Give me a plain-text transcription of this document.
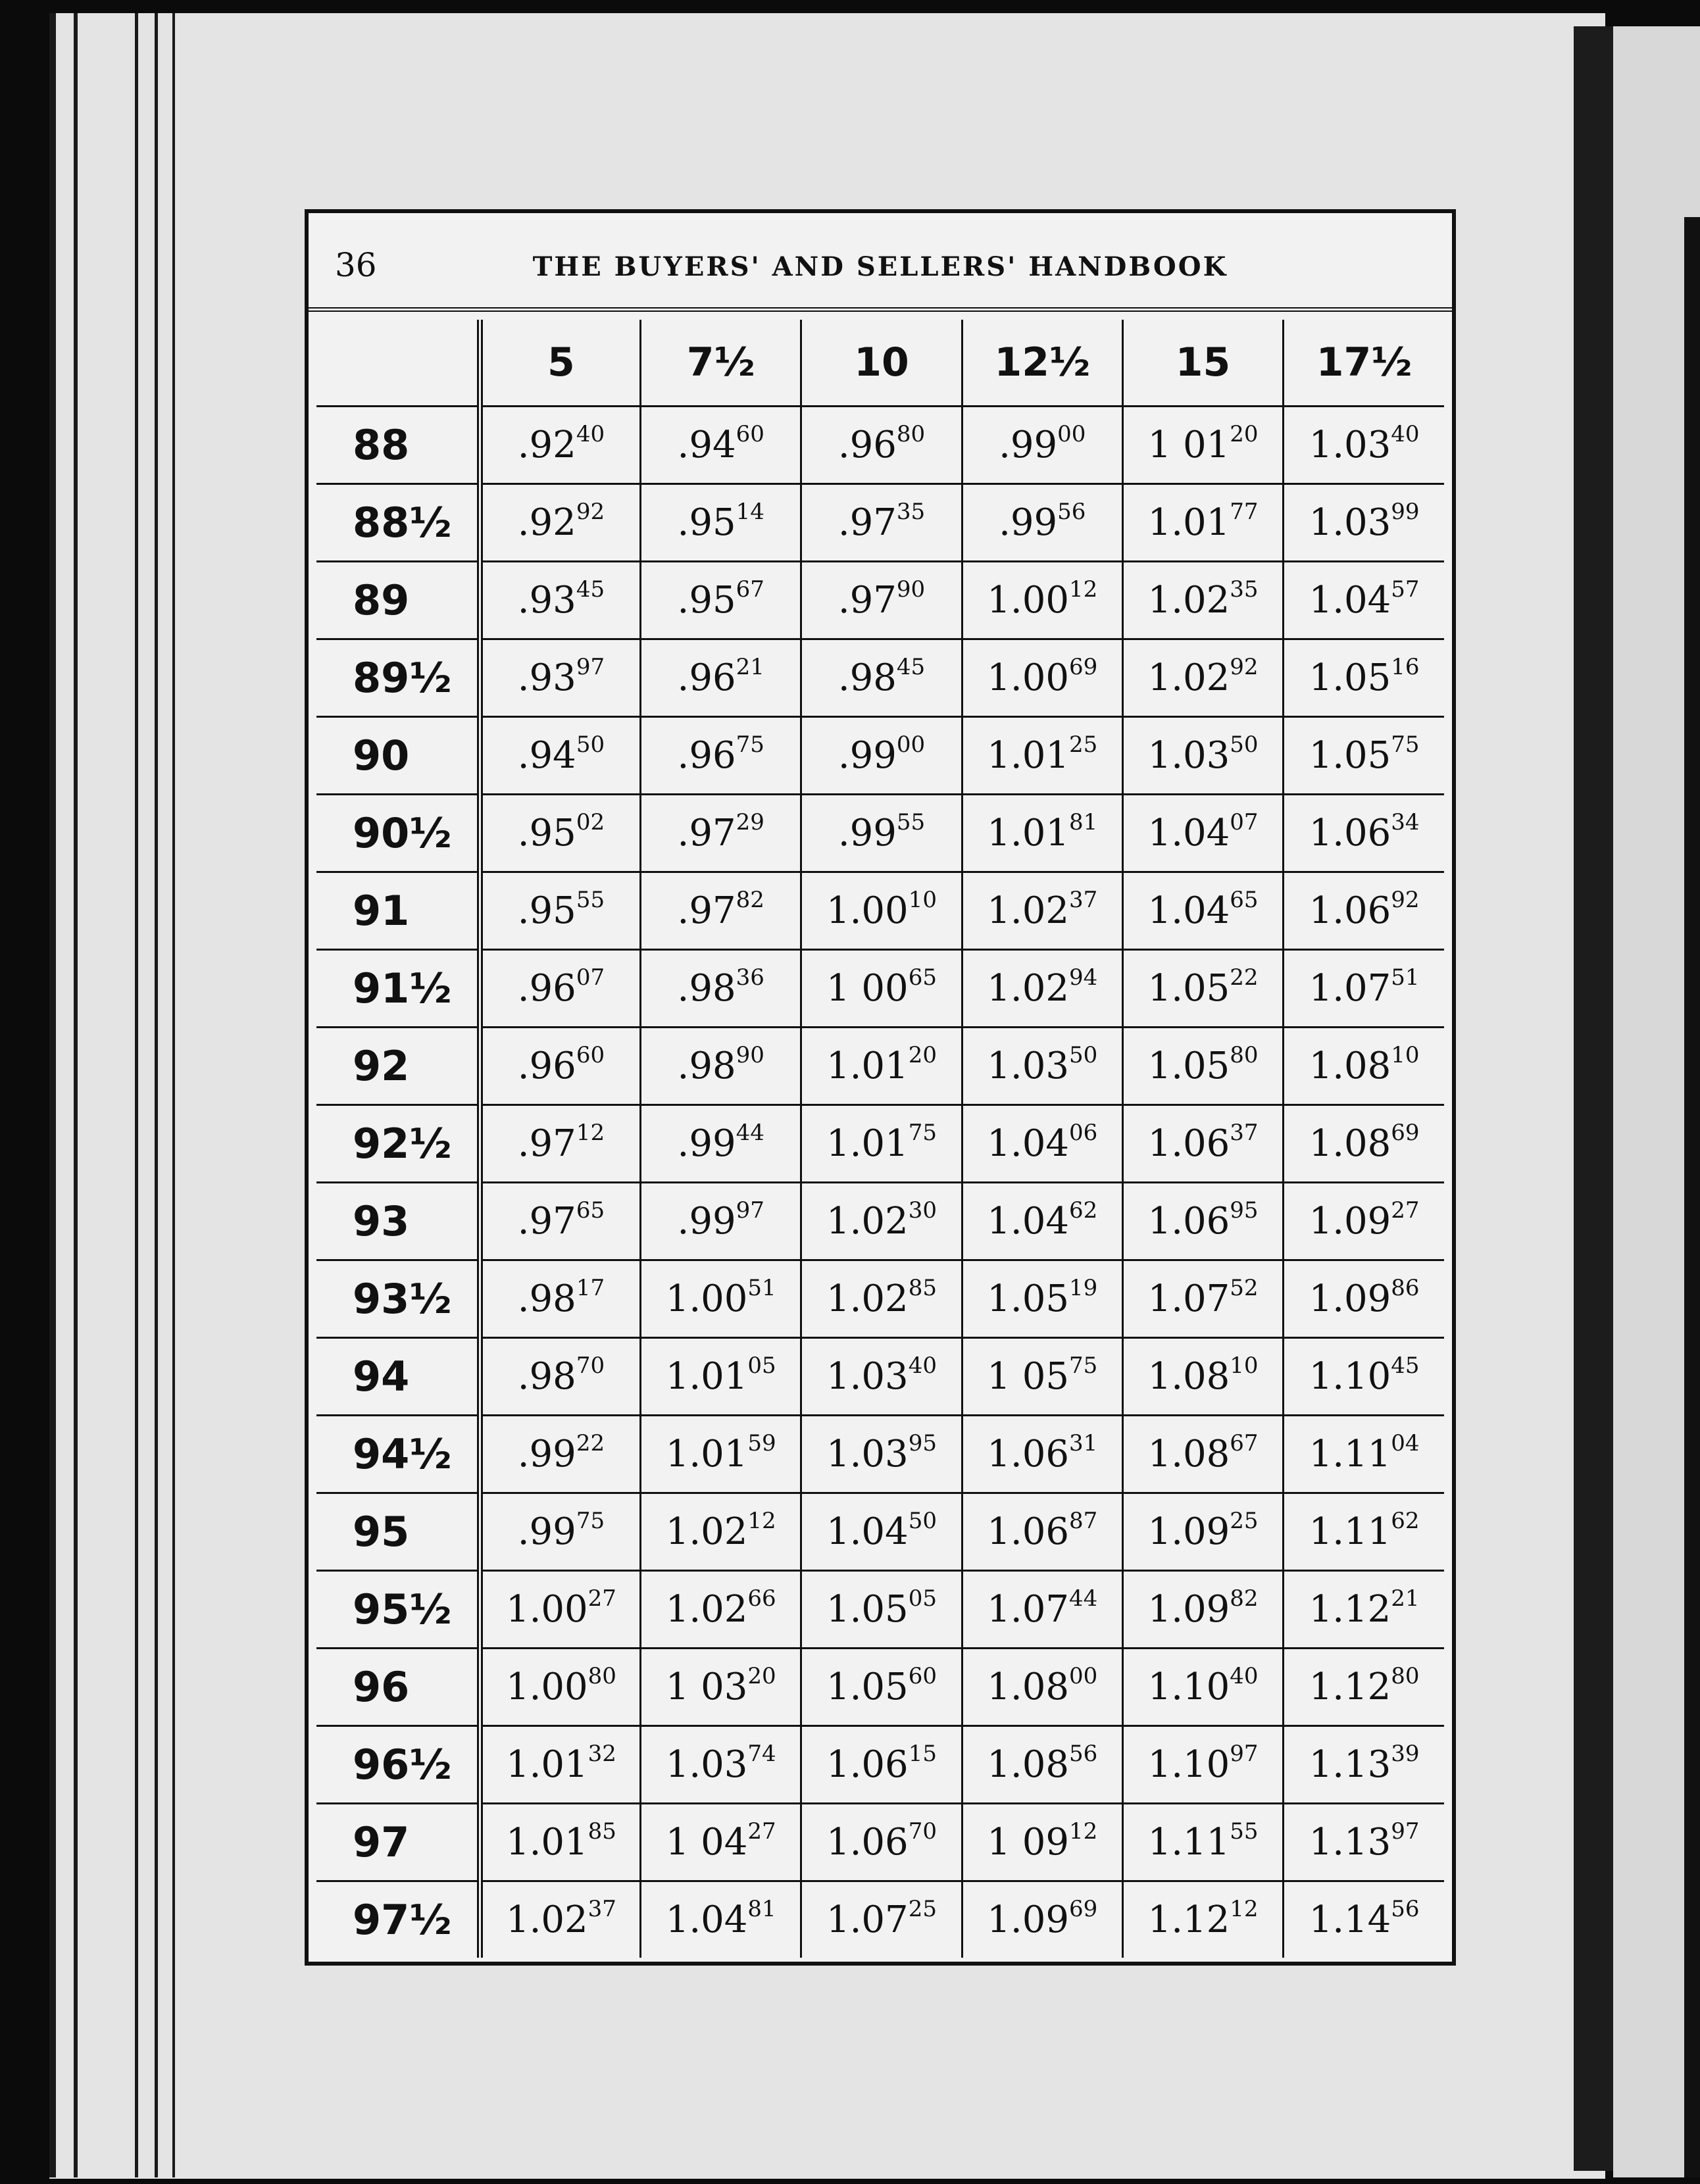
36	THE BUYERS' AND SELLERS' HANDBOOK
	5	7½	10	12½	15	17½
88	$.92^{40}$	$.94^{60}$	$.96^{80}$	$.99^{00}$	1 $01^{20}$	1.03$^{40}$
88½	$.92^{92}$	$.95^{14}$	$.97^{35}$	$.99^{56}$	1.01$^{77}$	1.03$^{99}$
89	$.93^{45}$	$.95^{67}$	$.97^{90}$	1.00$^{12}$	1.02$^{35}$	1.04$^{57}$
89½	$.93^{97}$	$.96^{21}$	$.98^{45}$	1.00$^{69}$	1.02$^{92}$	1.05$^{16}$
90	$.94^{50}$	$.96^{75}$	$.99^{00}$	1.01$^{25}$	1.03$^{50}$	1.05$^{75}$
90½	$.95^{02}$	$.97^{29}$	$.99^{55}$	1.01$^{81}$	1.04$^{07}$	1.06$^{34}$
91	$.95^{55}$	$.97^{82}$	1.00$^{10}$	1.02$^{37}$	1.04$^{65}$	1.06$^{92}$
91½	$.96^{07}$	$.98^{36}$	1 $00^{65}$	1.02$^{94}$	1.05$^{22}$	1.07$^{51}$
92	$.96^{60}$	$.98^{90}$	1.01$^{20}$	1.03$^{50}$	1.05$^{80}$	1.08$^{10}$
92½	$.97^{12}$	$.99^{44}$	1.01$^{75}$	1.04$^{06}$	1.06$^{37}$	1.08$^{69}$
93	$.97^{65}$	$.99^{97}$	1.02$^{30}$	1.04$^{62}$	1.06$^{95}$	1.09$^{27}$
93½	$.98^{17}$	1.00$^{51}$	1.02$^{85}$	1.05$^{19}$	1.07$^{52}$	1.09$^{86}$
94	$.98^{70}$	1.01$^{05}$	1.03$^{40}$	1 $05^{75}$	1.08$^{10}$	1.10$^{45}$
94½	$.99^{22}$	1.01$^{59}$	1.03$^{95}$	1.06$^{31}$	1.08$^{67}$	1.11$^{04}$
95	$.99^{75}$	1.02$^{12}$	1.04$^{50}$	1.06$^{87}$	1.09$^{25}$	1.11$^{62}$
95½	1.00$^{27}$	1.02$^{66}$	1.05$^{05}$	1.07$^{44}$	1.09$^{82}$	1.12$^{21}$
96	1.00$^{80}$	1 $03^{20}$	1.05$^{60}$	1.08$^{00}$	1.10$^{40}$	1.12$^{80}$
96½	1.01$^{32}$	1.03$^{74}$	1.06$^{15}$	1.08$^{56}$	1.10$^{97}$	1.13$^{39}$
97	1.01$^{85}$	1 $04^{27}$	1.06$^{70}$	1 $09^{12}$	1.11$^{55}$	1.13$^{97}$
97½	1.02$^{37}$	1.04$^{81}$	1.07$^{25}$	1.09$^{69}$	1.12$^{12}$	1.14$^{56}$
